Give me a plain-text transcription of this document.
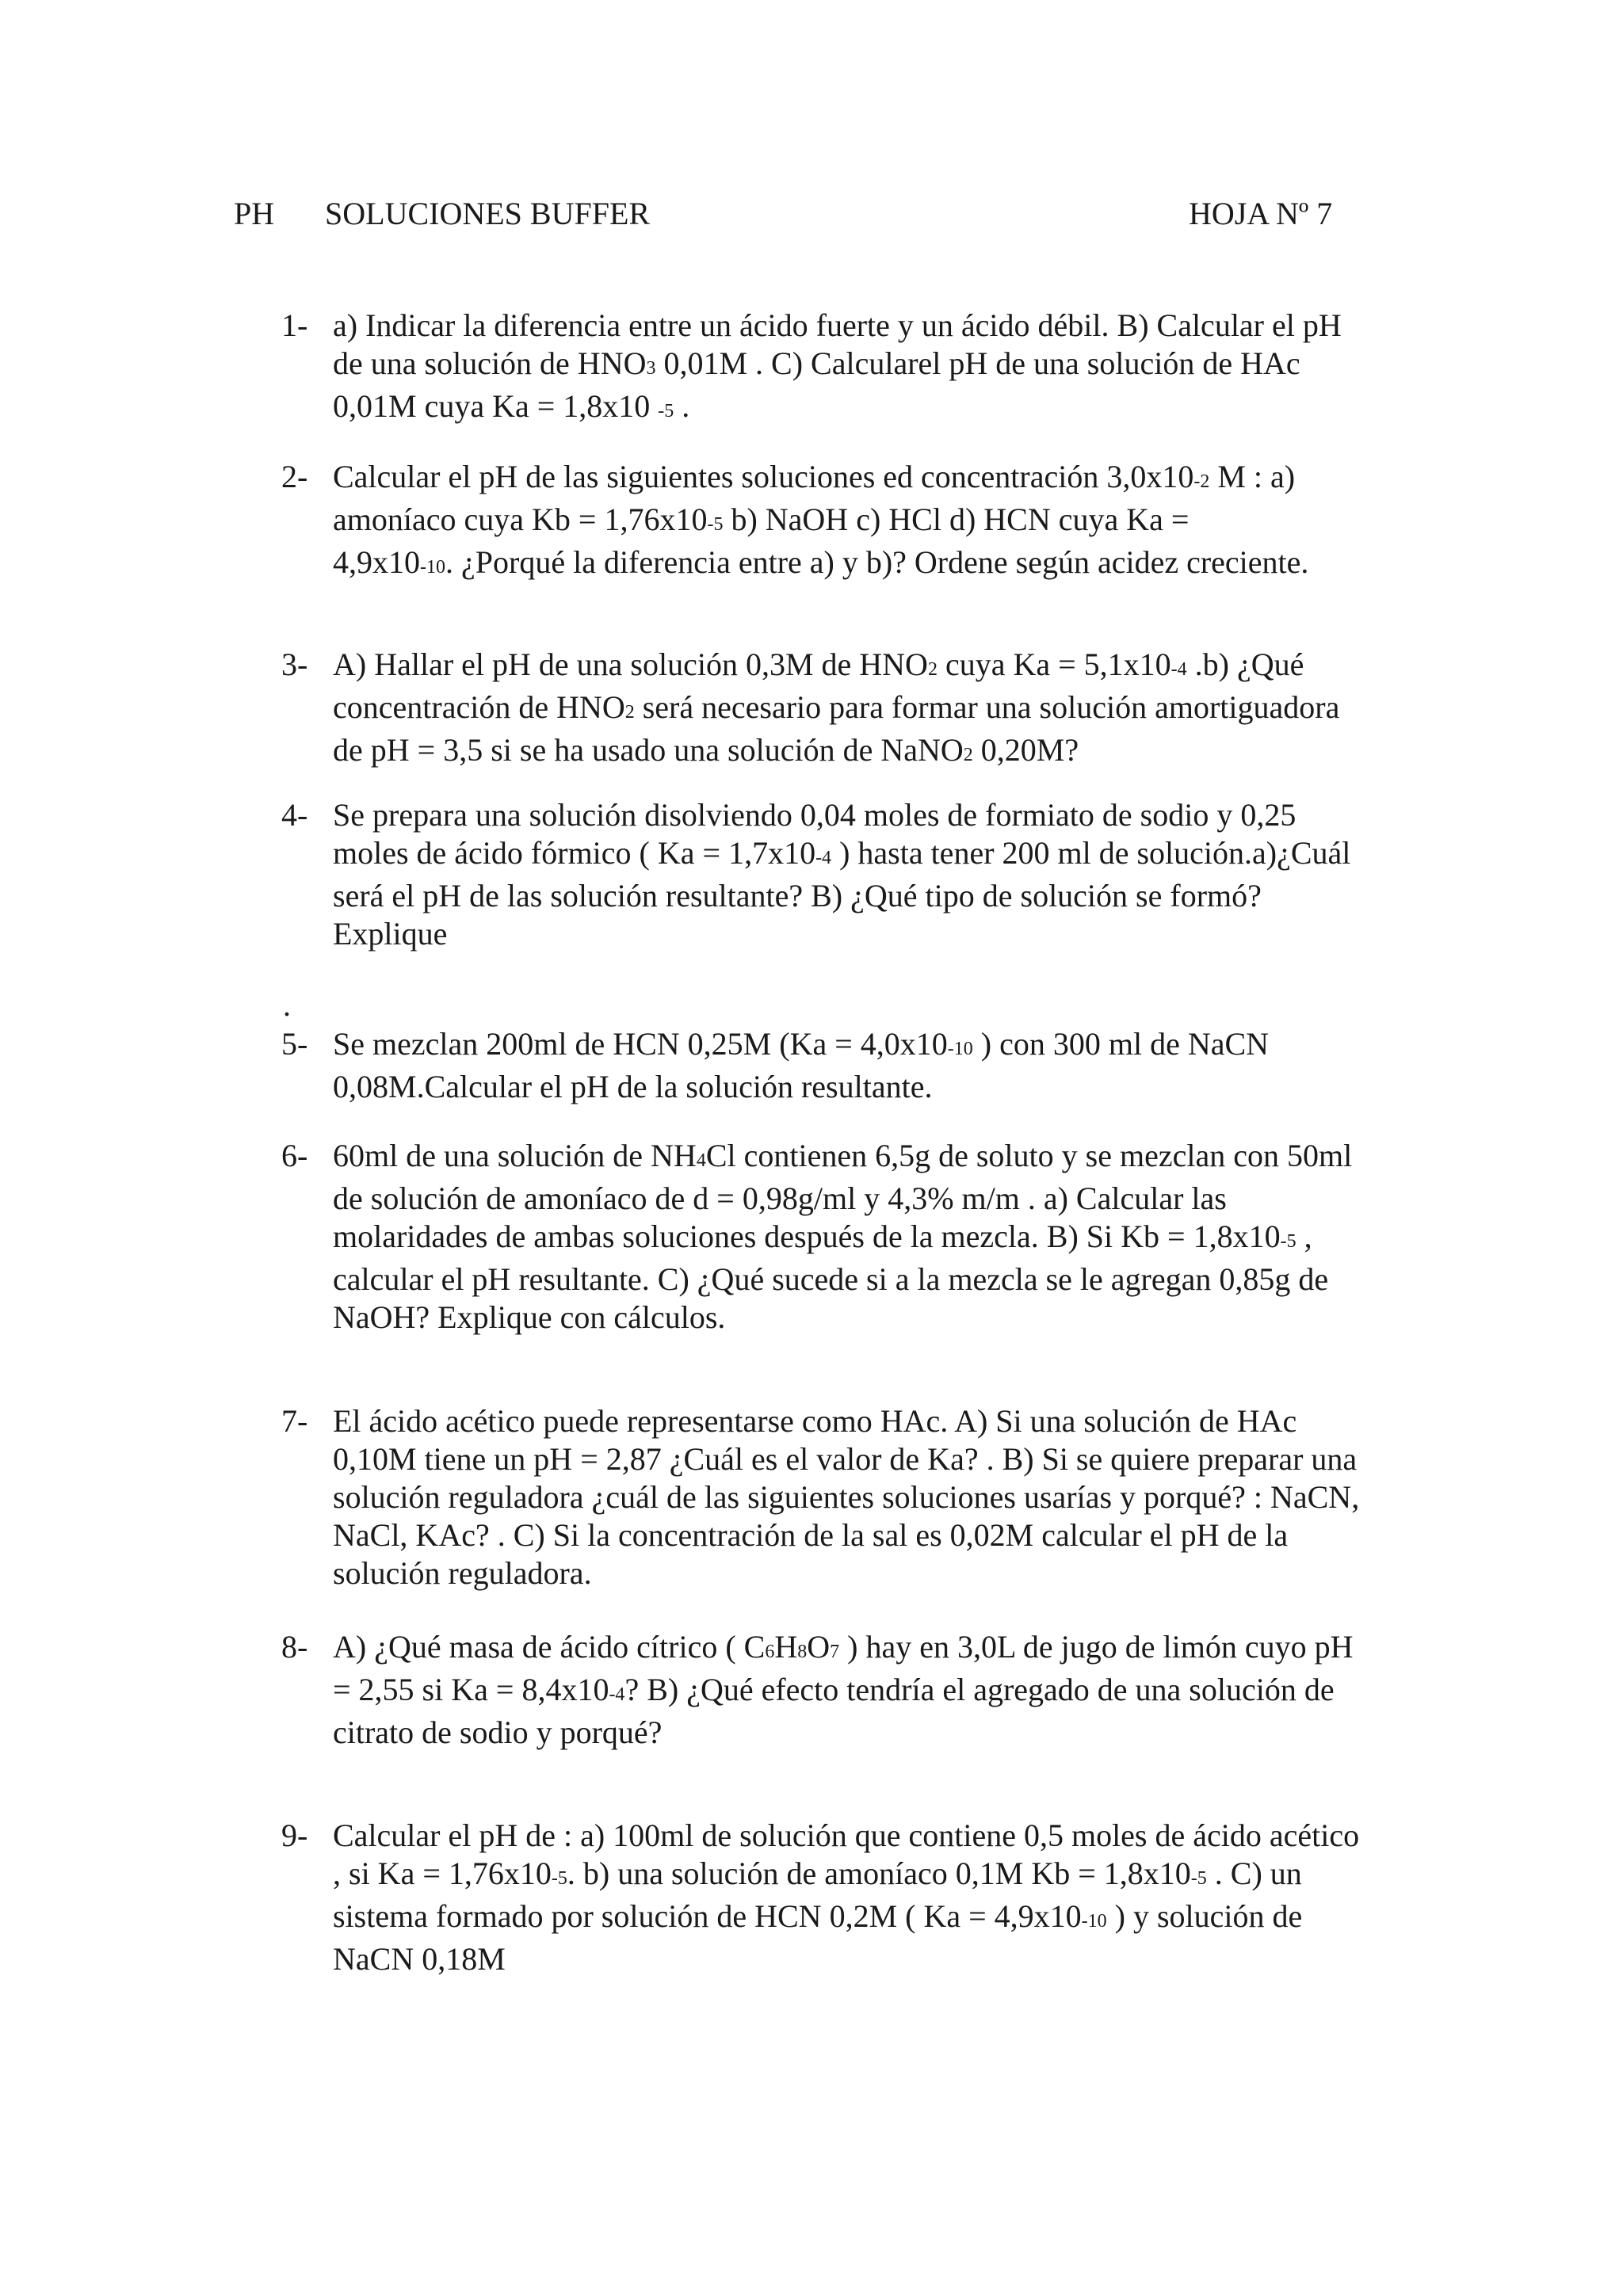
PH SOLUCIONES BUFFER	HOJA Nº 7
1- a) Indicar la diferencia entre un ácido fuerte y un ácido débil. B) Calcular el pH
de una solución de HNO3 0,01M . C) Calcularel pH de una solución de HAc
0,01M cuya Ka = 1,8x10 -5 .
2- Calcular el pH de las siguientes soluciones ed concentración 3,0x10-2 M : a)
amoníaco cuya Kb = 1,76x10-5 b) NaOH c) HCl d) HCN cuya Ka =
4,9x10-10. ¿Porqué la diferencia entre a) y b)? Ordene según acidez creciente.
3- A) Hallar el pH de una solución 0,3M de HNO2 cuya Ka = 5,1x10-4 .b) ¿Qué
concentración de HNO2 será necesario para formar una solución amortiguadora
de pH = 3,5 si se ha usado una solución de NaNO2 0,20M?
4- Se prepara una solución disolviendo 0,04 moles de formiato de sodio y 0,25
moles de ácido fórmico ( Ka = 1,7x10-4 ) hasta tener 200 ml de solución.a)¿Cuál
será el pH de las solución resultante? B) ¿Qué tipo de solución se formó?
Explique
.
5- Se mezclan 200ml de HCN 0,25M (Ka = 4,0x10-10 ) con 300 ml de NaCN
0,08M.Calcular el pH de la solución resultante.
6- 60ml de una solución de NH4Cl contienen 6,5g de soluto y se mezclan con 50ml
de solución de amoníaco de d = 0,98g/ml y 4,3% m/m . a) Calcular las
molaridades de ambas soluciones después de la mezcla. B) Si Kb = 1,8x10-5 ,
calcular el pH resultante. C) ¿Qué sucede si a la mezcla se le agregan 0,85g de
NaOH? Explique con cálculos.
7- El ácido acético puede representarse como HAc. A) Si una solución de HAc
0,10M tiene un pH = 2,87 ¿Cuál es el valor de Ka? . B) Si se quiere preparar una
solución reguladora ¿cuál de las siguientes soluciones usarías y porqué? : NaCN,
NaCl, KAc? . C) Si la concentración de la sal es 0,02M calcular el pH de la
solución reguladora.
8- A) ¿Qué masa de ácido cítrico ( C6H8O7 ) hay en 3,0L de jugo de limón cuyo pH
= 2,55 si Ka = 8,4x10-4? B) ¿Qué efecto tendría el agregado de una solución de
citrato de sodio y porqué?
9- Calcular el pH de : a) 100ml de solución que contiene 0,5 moles de ácido acético
, si Ka = 1,76x10-5. b) una solución de amoníaco 0,1M Kb = 1,8x10-5 . C) un
sistema formado por solución de HCN 0,2M ( Ka = 4,9x10-10 ) y solución de
NaCN 0,18M
